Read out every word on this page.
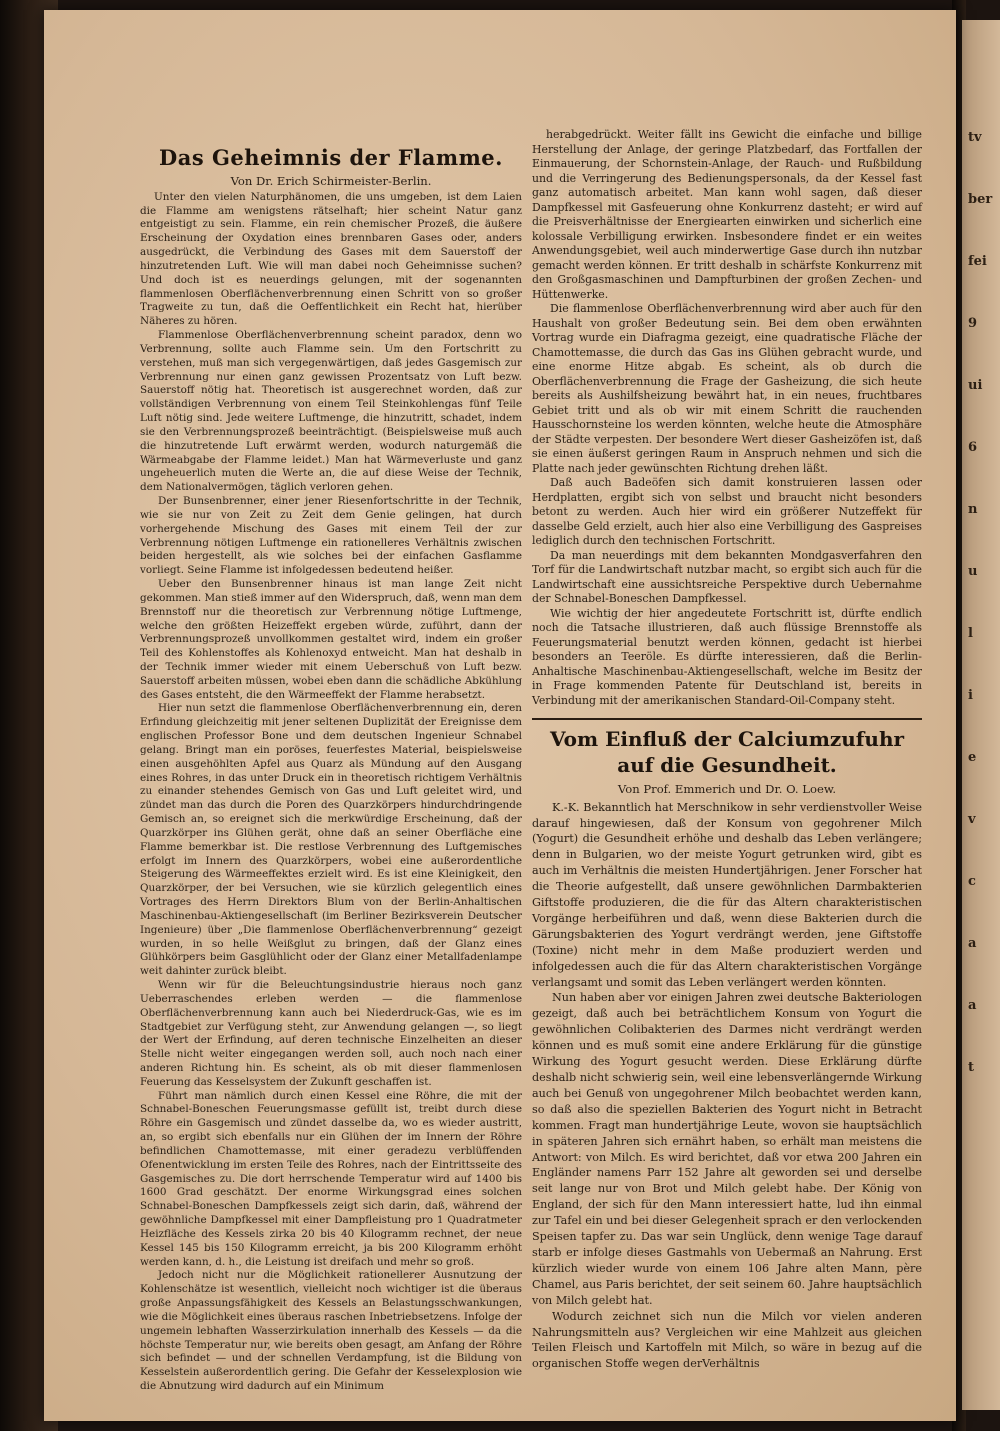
tv
ber
fei
9
ui
6
n
u
l
i
e
v
c
a
a
t
Das Geheimnis der Flamme.
Von Dr. Erich Schirmeister-Berlin.

Unter den vielen Naturphänomen, die uns umgeben, ist dem Laien die Flamme am wenigstens rätselhaft; hier scheint Natur ganz entgeistigt zu sein. Flamme, ein rein chemischer Prozeß, die äußere Erscheinung der Oxydation eines brennbaren Gases oder, anders ausgedrückt, die Verbindung des Gases mit dem Sauerstoff der hinzutretenden Luft. Wie will man dabei noch Geheimnisse suchen? Und doch ist es neuerdings gelungen, mit der sogenannten flammenlosen Oberflächenverbrennung einen Schritt von so großer Tragweite zu tun, daß die Oeffentlichkeit ein Recht hat, hierüber Näheres zu hören.

Flammenlose Oberflächenverbrennung scheint paradox, denn wo Verbrennung, sollte auch Flamme sein. Um den Fortschritt zu verstehen, muß man sich vergegenwärtigen, daß jedes Gasgemisch zur Verbrennung nur einen ganz gewissen Prozentsatz von Luft bezw. Sauerstoff nötig hat. Theoretisch ist ausgerechnet worden, daß zur vollständigen Verbrennung von einem Teil Steinkohlengas fünf Teile Luft nötig sind. Jede weitere Luftmenge, die hinzutritt, schadet, indem sie den Verbrennungsprozeß beeinträchtigt. (Beispielsweise muß auch die hinzutretende Luft erwärmt werden, wodurch naturgemäß die Wärmeabgabe der Flamme leidet.) Man hat Wärmeverluste und ganz ungeheuerlich muten die Werte an, die auf diese Weise der Technik, dem Nationalvermögen, täglich verloren gehen.

Der Bunsenbrenner, einer jener Riesenfortschritte in der Technik, wie sie nur von Zeit zu Zeit dem Genie gelingen, hat durch vorhergehende Mischung des Gases mit einem Teil der zur Verbrennung nötigen Luftmenge ein rationelleres Verhältnis zwischen beiden hergestellt, als wie solches bei der einfachen Gasflamme vorliegt. Seine Flamme ist infolgedessen bedeutend heißer.

Ueber den Bunsenbrenner hinaus ist man lange Zeit nicht gekommen. Man stieß immer auf den Widerspruch, daß, wenn man dem Brennstoff nur die theoretisch zur Verbrennung nötige Luftmenge, welche den größten Heizeffekt ergeben würde, zuführt, dann der Verbrennungsprozeß unvollkommen gestaltet wird, indem ein großer Teil des Kohlenstoffes als Kohlenoxyd entweicht. Man hat deshalb in der Technik immer wieder mit einem Ueberschuß von Luft bezw. Sauerstoff arbeiten müssen, wobei eben dann die schädliche Abkühlung des Gases entsteht, die den Wärmeeffekt der Flamme herabsetzt.

Hier nun setzt die flammenlose Oberflächenverbrennung ein, deren Erfindung gleichzeitig mit jener seltenen Duplizität der Ereignisse dem englischen Professor Bone und dem deutschen Ingenieur Schnabel gelang. Bringt man ein poröses, feuerfestes Material, beispielsweise einen ausgehöhlten Apfel aus Quarz als Mündung auf den Ausgang eines Rohres, in das unter Druck ein in theoretisch richtigem Verhältnis zu einander stehendes Gemisch von Gas und Luft geleitet wird, und zündet man das durch die Poren des Quarzkörpers hindurchdringende Gemisch an, so ereignet sich die merkwürdige Erscheinung, daß der Quarzkörper ins Glühen gerät, ohne daß an seiner Oberfläche eine Flamme bemerkbar ist. Die restlose Verbrennung des Luftgemisches erfolgt im Innern des Quarzkörpers, wobei eine außerordentliche Steigerung des Wärmeeffektes erzielt wird. Es ist eine Kleinigkeit, den Quarzkörper, der bei Versuchen, wie sie kürzlich gelegentlich eines Vortrages des Herrn Direktors Blum von der Berlin-Anhaltischen Maschinenbau-Aktiengesellschaft (im Berliner Bezirksverein Deutscher Ingenieure) über „Die flammenlose Oberflächenverbrennung“ gezeigt wurden, in so helle Weißglut zu bringen, daß der Glanz eines Glühkörpers beim Gasglühlicht oder der Glanz einer Metallfadenlampe weit dahinter zurück bleibt.

Wenn wir für die Beleuchtungsindustrie hieraus noch ganz Ueberraschendes erleben werden — die flammenlose Oberflächenverbrennung kann auch bei Niederdruck-Gas, wie es im Stadtgebiet zur Verfügung steht, zur Anwendung gelangen —, so liegt der Wert der Erfindung, auf deren technische Einzelheiten an dieser Stelle nicht weiter eingegangen werden soll, auch noch nach einer anderen Richtung hin. Es scheint, als ob mit dieser flammenlosen Feuerung das Kesselsystem der Zukunft geschaffen ist.

Führt man nämlich durch einen Kessel eine Röhre, die mit der Schnabel-Boneschen Feuerungsmasse gefüllt ist, treibt durch diese Röhre ein Gasgemisch und zündet dasselbe da, wo es wieder austritt, an, so ergibt sich ebenfalls nur ein Glühen der im Innern der Röhre befindlichen Chamottemasse, mit einer geradezu verblüffenden Ofenentwicklung im ersten Teile des Rohres, nach der Eintrittsseite des Gasgemisches zu. Die dort herrschende Temperatur wird auf 1400 bis 1600 Grad geschätzt. Der enorme Wirkungsgrad eines solchen Schnabel-Boneschen Dampfkessels zeigt sich darin, daß, während der gewöhnliche Dampfkessel mit einer Dampfleistung pro 1 Quadratmeter Heizfläche des Kessels zirka 20 bis 40 Kilogramm rechnet, der neue Kessel 145 bis 150 Kilogramm erreicht, ja bis 200 Kilogramm erhöht werden kann, d. h., die Leistung ist dreifach und mehr so groß.

Jedoch nicht nur die Möglichkeit rationellerer Ausnutzung der Kohlenschätze ist wesentlich, vielleicht noch wichtiger ist die überaus große Anpassungsfähigkeit des Kessels an Belastungsschwankungen, wie die Möglichkeit eines überaus raschen Inbetriebsetzens. Infolge der ungemein lebhaften Wasserzirkulation innerhalb des Kessels — da die höchste Temperatur nur, wie bereits oben gesagt, am Anfang der Röhre sich befindet — und der schnellen Verdampfung, ist die Bildung von Kesselstein außerordentlich gering. Die Gefahr der Kesselexplosion wie die Abnutzung wird dadurch auf ein Minimum

herabgedrückt. Weiter fällt ins Gewicht die einfache und billige Herstellung der Anlage, der geringe Platzbedarf, das Fortfallen der Einmauerung, der Schornstein-Anlage, der Rauch- und Rußbildung und die Verringerung des Bedienungspersonals, da der Kessel fast ganz automatisch arbeitet. Man kann wohl sagen, daß dieser Dampfkessel mit Gasfeuerung ohne Konkurrenz dasteht; er wird auf die Preisverhältnisse der Energiearten einwirken und sicherlich eine kolossale Verbilligung erwirken. Insbesondere findet er ein weites Anwendungsgebiet, weil auch minderwertige Gase durch ihn nutzbar gemacht werden können. Er tritt deshalb in schärfste Konkurrenz mit den Großgasmaschinen und Dampfturbinen der großen Zechen- und Hüttenwerke.

Die flammenlose Oberflächenverbrennung wird aber auch für den Haushalt von großer Bedeutung sein. Bei dem oben erwähnten Vortrag wurde ein Diafragma gezeigt, eine quadratische Fläche der Chamottemasse, die durch das Gas ins Glühen gebracht wurde, und eine enorme Hitze abgab. Es scheint, als ob durch die Oberflächenverbrennung die Frage der Gasheizung, die sich heute bereits als Aushilfsheizung bewährt hat, in ein neues, fruchtbares Gebiet tritt und als ob wir mit einem Schritt die rauchenden Hausschornsteine los werden könnten, welche heute die Atmosphäre der Städte verpesten. Der besondere Wert dieser Gasheizöfen ist, daß sie einen äußerst geringen Raum in Anspruch nehmen und sich die Platte nach jeder gewünschten Richtung drehen läßt.

Daß auch Badeöfen sich damit konstruieren lassen oder Herdplatten, ergibt sich von selbst und braucht nicht besonders betont zu werden. Auch hier wird ein größerer Nutzeffekt für dasselbe Geld erzielt, auch hier also eine Verbilligung des Gaspreises lediglich durch den technischen Fortschritt.

Da man neuerdings mit dem bekannten Mondgasverfahren den Torf für die Landwirtschaft nutzbar macht, so ergibt sich auch für die Landwirtschaft eine aussichtsreiche Perspektive durch Uebernahme der Schnabel-Boneschen Dampfkessel.

Wie wichtig der hier angedeutete Fortschritt ist, dürfte endlich noch die Tatsache illustrieren, daß auch flüssige Brennstoffe als Feuerungsmaterial benutzt werden können, gedacht ist hierbei besonders an Teeröle. Es dürfte interessieren, daß die Berlin-Anhaltische Maschinenbau-Aktiengesellschaft, welche im Besitz der in Frage kommenden Patente für Deutschland ist, bereits in Verbindung mit der amerikanischen Standard-Oil-Company steht.

Vom Einfluß der Calciumzufuhr auf die Gesundheit.
Von Prof. Emmerich und Dr. O. Loew.

K.-K. Bekanntlich hat Merschnikow in sehr verdienstvoller Weise darauf hingewiesen, daß der Konsum von gegohrener Milch (Yogurt) die Gesundheit erhöhe und deshalb das Leben verlängere; denn in Bulgarien, wo der meiste Yogurt getrunken wird, gibt es auch im Verhältnis die meisten Hundertjährigen. Jener Forscher hat die Theorie aufgestellt, daß unsere gewöhnlichen Darmbakterien Giftstoffe produzieren, die die für das Altern charakteristischen Vorgänge herbeiführen und daß, wenn diese Bakterien durch die Gärungsbakterien des Yogurt verdrängt werden, jene Giftstoffe (Toxine) nicht mehr in dem Maße produziert werden und infolgedessen auch die für das Altern charakteristischen Vorgänge verlangsamt und somit das Leben verlängert werden könnten.

Nun haben aber vor einigen Jahren zwei deutsche Bakteriologen gezeigt, daß auch bei beträchtlichem Konsum von Yogurt die gewöhnlichen Colibakterien des Darmes nicht verdrängt werden können und es muß somit eine andere Erklärung für die günstige Wirkung des Yogurt gesucht werden. Diese Erklärung dürfte deshalb nicht schwierig sein, weil eine lebensverlängernde Wirkung auch bei Genuß von ungegohrener Milch beobachtet werden kann, so daß also die speziellen Bakterien des Yogurt nicht in Betracht kommen. Fragt man hundertjährige Leute, wovon sie hauptsächlich in späteren Jahren sich ernährt haben, so erhält man meistens die Antwort: von Milch. Es wird berichtet, daß vor etwa 200 Jahren ein Engländer namens Parr 152 Jahre alt geworden sei und derselbe seit lange nur von Brot und Milch gelebt habe. Der König von England, der sich für den Mann interessiert hatte, lud ihn einmal zur Tafel ein und bei dieser Gelegenheit sprach er den verlockenden Speisen tapfer zu. Das war sein Unglück, denn wenige Tage darauf starb er infolge dieses Gastmahls von Uebermaß an Nahrung. Erst kürzlich wieder wurde von einem 106 Jahre alten Mann, père Chamel, aus Paris berichtet, der seit seinem 60. Jahre hauptsächlich von Milch gelebt hat.

Wodurch zeichnet sich nun die Milch vor vielen anderen Nahrungsmitteln aus? Vergleichen wir eine Mahlzeit aus gleichen Teilen Fleisch und Kartoffeln mit Milch, so wäre in bezug auf die organischen Stoffe wegen derVerhältnis
